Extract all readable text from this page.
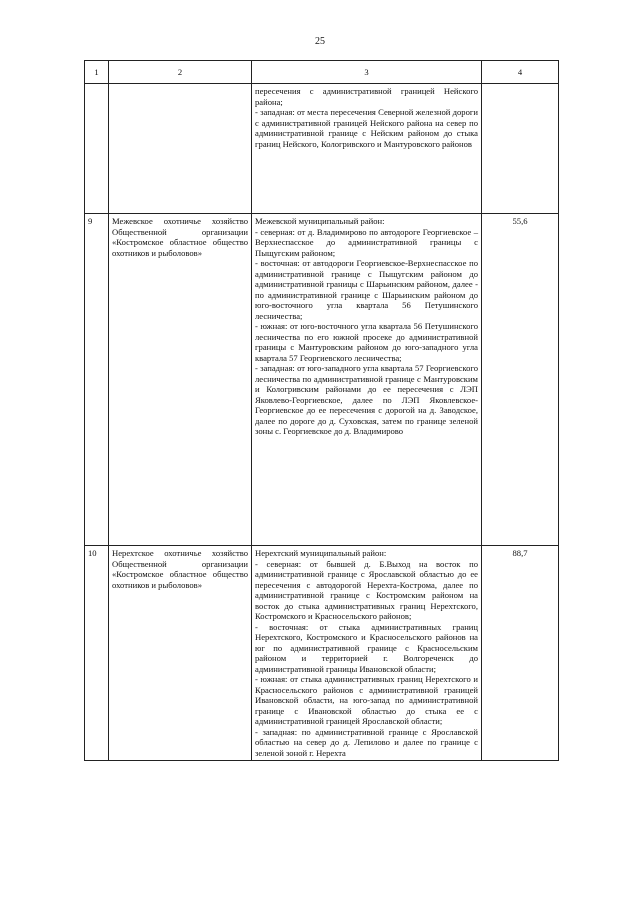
25
1	2	3	4

		пересечения с административной границей Нейского района;
- западная: от места пересечения Северной железной дороги с административной границей Нейского района на север по административной границе с Нейским районом до стыка границ Нейского, Кологривского и Мантуровского районов	

9	Межевское охотничье хозяйство Общественной организации «Костромское областное общество охотников и рыболовов»	Межевской муниципальный район:
- северная: от д. Владимирово по автодороге Георгиевское – Верхнеспасское до административной границы с Пыщугским районом;
- восточная: от автодороги Георгиевское-Верхнеспасское по административной границе с Пыщугским районом до административной границы с Шарьинским районом, далее - по административной границе с Шарьинским районом до юго-восточного угла квартала 56 Петушинского лесничества;
- южная: от юго-восточного угла квартала 56 Петушинского лесничества по его южной просеке до административной границы с Мантуровским районом до юго-западного угла квартала 57 Георгиевского лесничества;
- западная: от юго-западного угла квартала 57 Георгиевского лесничества по административной границе с Мантуровским и Кологривским районами до ее пересечения с ЛЭП Яковлево-Георгиевское, далее по ЛЭП Яковлевское-Георгиевское до ее пересечения с дорогой на д. Заводское, далее по дороге до д. Суховская, затем по границе зеленой зоны с. Георгиевское до д. Владимирово	55,6
10	Нерехтское охотничье хозяйство Общественной организации «Костромское областное общество охотников и рыболовов»	Нерехтский муниципальный район:
- северная: от бывшей д. Б.Выход на восток по административной границе с Ярославской областью до ее пересечения с автодорогой Нерехта-Кострома, далее по административной границе с Костромским районом на восток до стыка административных границ Нерехтского, Костромского и Красносельского районов;
- восточная: от стыка административных границ Нерехтского, Костромского и Красносельского районов на юг по административной границе с Красносельским районом и территорией г. Волгореченск до административной границы Ивановской области;
- южная: от стыка административных границ Нерехтского и Красносельского районов с административной границей Ивановской области, на юго-запад по административной границе с Ивановской областью до стыка ее с административной границей Ярославской области;
- западная: по административной границе с Ярославской областью на север до д. Лепилово и далее по границе с зеленой зоной г. Нерехта	88,7
